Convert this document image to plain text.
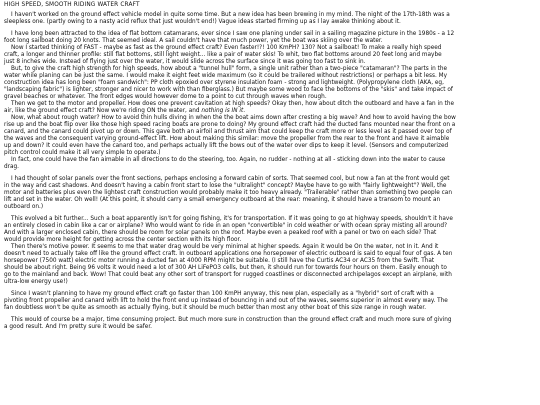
HIGH SPEED, SMOOTH RIDING WATER CRAFT
I haven't worked on the ground effect vehicle model in quite some time. But a new idea has been brewing in my mind. The night of the 17th-18th was a
sleepless one. (partly owing to a nasty acid reflux that just wouldn't end!) Vague ideas started firming up as I lay awake thinking about it.
I have long been attracted to the idea of flat bottom catamarans, ever since I saw one planing under sail in a sailing magazine picture in the 1980s - a 12
foot long sailboat doing 20 knots. That seemed ideal. A sail couldn't have that much power, yet the boat was skiing over the water.
Now I started thinking of FAST - maybe as fast as the ground effect craft? Even faster!?! 100 KmPH? 130? Not a sailboat! To make a really high speed
craft, a longer and thinner profile: still flat bottoms, still light weight... like a pair of water skis! To whit, two flat bottoms around 20 feet long and maybe
just 8 inches wide. Instead of flying just over the water, it would slide across the surface since it was going too fast to sink in.
But, to give the craft high strength for high speeds, how about a "tunnel hull" form, a single unit rather than a two-piece "catamaran"? The parts in the
water while planing can be just the same. I would make it eight feet wide maximum (so it could be trailered without restrictions) or perhaps a bit less. My
construction idea has long been "foam sandwich": PP cloth epoxied over styrene insulation foam - strong and lightweight. (Polypropylene cloth (AKA, eg,
"landscaping fabric") is lighter, stronger and nicer to work with than fiberglass.) But maybe some wood to face the bottoms of the "skis" and take impact of
gravel beaches or whatever. The front edges would however dome to a point to cut through waves when rough.
Then we get to the motor and propeller. How does one prevent cavitation at high speeds? Okay then, how about ditch the outboard and have a fan in the
air, like the ground effect craft? Now we're riding ON the water, and nothing is IN it.
Now, what about rough water? How to avoid thin hulls diving in when the the boat aims down after cresting a big wave? And how to avoid having the bow
rise up and the boat flip over like those high speed racing boats are prone to doing? My ground effect craft had the ducted fans mounted near the front on a
canard, and the canard could pivot up or down. This gave both an airfoil and thrust aim that could keep the craft more or less level as it passed over top of
the waves and the consequent varying ground-effect lift. How about making this similar: move the propeller from the rear to the front and have it aimable
up and down? It could even have the canard too, and perhaps actually lift the bows out of the water over dips to keep it level. (Sensors and computerized
pitch control could make it all very simple to operate.)
In fact, one could have the fan aimable in all directions to do the steering, too. Again, no rudder - nothing at all - sticking down into the water to cause
drag.
I had thought of solar panels over the front sections, perhaps enclosing a forward cabin of sorts. That seemed cool, but now a fan at the front would get
in the way and cast shadows. And doesn't having a cabin front start to lose the "ultralight" concept? Maybe have to go with "fairly lightweight"? Well, the
motor and batteries plus even the lightest craft construction would probably make it too heavy already. "Trailerable" rather than something two people can
lift and set in the water. Oh well! (At this point, it should carry a small emergency outboard at the rear: meaning, it should have a transom to mount an
outboard on.)
This evolved a bit further... Such a boat apparently isn't for going fishing, it's for transportation. If it was going to go at highway speeds, shouldn't it have
an entirely closed in cabin like a car or airplane? Who would want to ride in an open "convertible" in cold weather or with ocean spray misting all around?
And with a larger enclosed cabin, there should be room for solar panels on the roof. Maybe even a peaked roof with a panel or two on each side? That
would provide more height for getting across the center section with its high floor.
Then there's motive power. It seems to me that water drag would be very minimal at higher speeds. Again it would be On the water, not In it. And it
doesn't need to actually take off like the ground effect craft. In outboard applications one horsepower of electric outboard is said to equal four of gas. A ten
horsepower (7500 watt) electric motor running a ducted fan at 4000 RPM might be suitable. (I still have the Curtis AC34 or AC35 from the Swift. That
should be about right. Being 96 volts it would need a lot of 300 AH LiFePO3 cells, but then, it should run for towards four hours on them. Easily enough to
go to the mainland and back. Wow! That could beat any other sort of transport for rugged coastlines or disconnected archipelagos except an airplane, with
ultra-low energy use!)
Since I wasn't planning to have my ground effect craft go faster than 100 KmPH anyway, this new plan, especially as a "hybrid" sort of craft with a
pivoting front propeller and canard with lift to hold the front end up instead of bouncing in and out of the waves, seems superior in almost every way. The
fan doubtless won't be quite as smooth as actually flying, but it should be much better than most any other boat of this size range in rough water.
This would of course be a major, time consuming project. But much more sure in construction than the ground effect craft and much more sure of giving
a good result. And I'm pretty sure it would be safer.
